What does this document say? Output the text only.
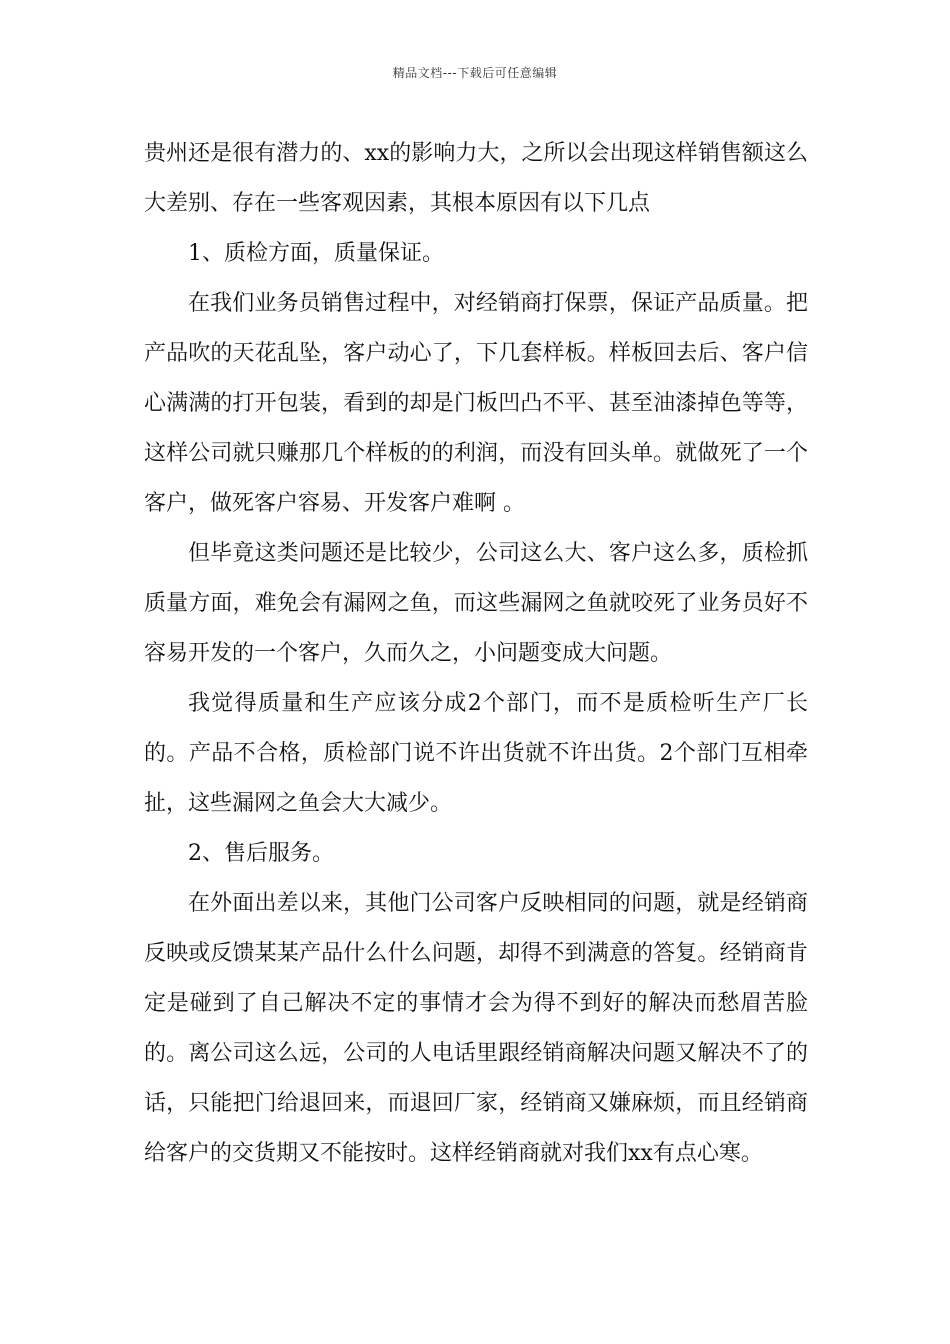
精品文档---下载后可任意编辑

贵州还是很有潜力的、xx的影响力大，之所以会出现这样销售额这么大差别、存在一些客观因素，其根本原因有以下几点

1、质检方面，质量保证。

在我们业务员销售过程中，对经销商打保票，保证产品质量。把产品吹的天花乱坠，客户动心了，下几套样板。样板回去后、客户信心满满的打开包装，看到的却是门板凹凸不平、甚至油漆掉色等等，这样公司就只赚那几个样板的的利润，而没有回头单。就做死了一个客户，做死客户容易、开发客户难啊 。

但毕竟这类问题还是比较少，公司这么大、客户这么多，质检抓质量方面，难免会有漏网之鱼，而这些漏网之鱼就咬死了业务员好不容易开发的一个客户，久而久之，小问题变成大问题。

我觉得质量和生产应该分成2个部门，而不是质检听生产厂长的。产品不合格，质检部门说不许出货就不许出货。2个部门互相牵扯，这些漏网之鱼会大大减少。

2、售后服务。

在外面出差以来，其他门公司客户反映相同的问题，就是经销商反映或反馈某某产品什么什么问题，却得不到满意的答复。经销商肯定是碰到了自己解决不定的事情才会为得不到好的解决而愁眉苦脸的。离公司这么远，公司的人电话里跟经销商解决问题又解决不了的话，只能把门给退回来，而退回厂家，经销商又嫌麻烦，而且经销商给客户的交货期又不能按时。这样经销商就对我们xx有点心寒。
